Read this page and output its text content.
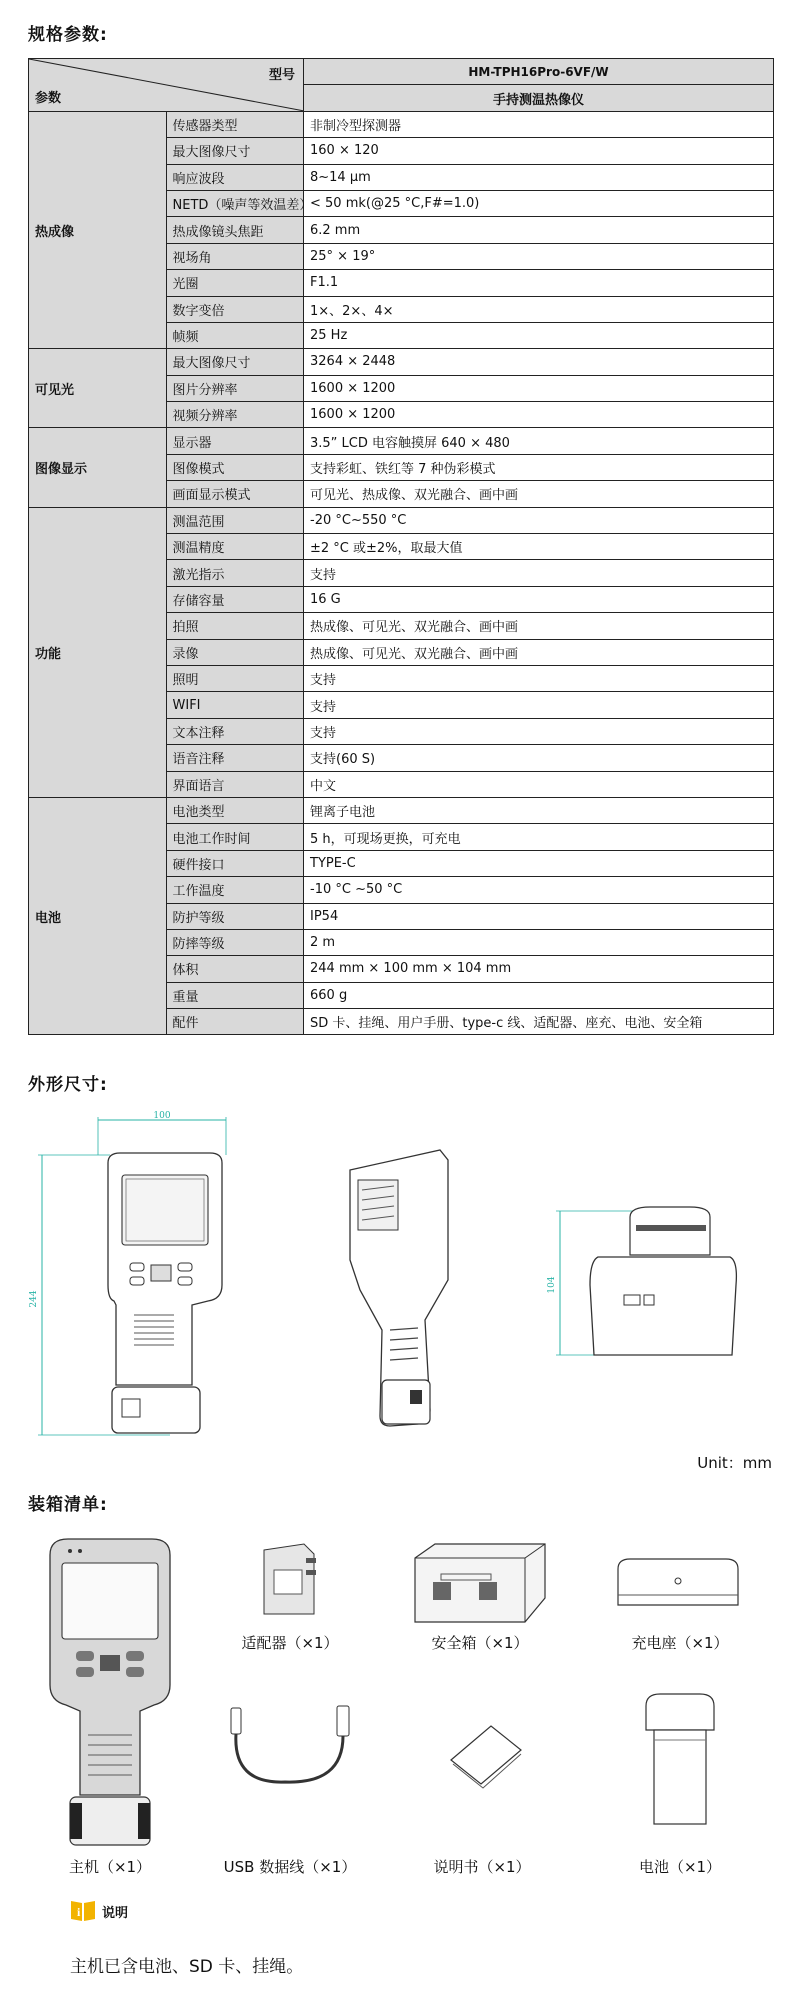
规格参数:
型号
参数		HM-TPH16Pro-6VF/W
		手持测温热像仪
热成像	传感器类型	非制冷型探测器
	最大图像尺寸	160 × 120
	响应波段	8~14 μm
	NETD（噪声等效温差）	< 50 mk(@25 °C,F#=1.0)
	热成像镜头焦距	6.2 mm
	视场角	25° × 19°
	光圈	F1.1
	数字变倍	1×、2×、4×
	帧频	25 Hz
可见光	最大图像尺寸	3264 × 2448
	图片分辨率	1600 × 1200
	视频分辨率	1600 × 1200
图像显示	显示器	3.5” LCD 电容触摸屏 640 × 480
	图像模式	支持彩虹、铁红等 7 种伪彩模式
	画面显示模式	可见光、热成像、双光融合、画中画
功能	测温范围	-20 °C~550 °C
	测温精度	±2 °C 或±2%，取最大值
	激光指示	支持
	存储容量	16 G
	拍照	热成像、可见光、双光融合、画中画
	录像	热成像、可见光、双光融合、画中画
	照明	支持
	WIFI	支持
	文本注释	支持
	语音注释	支持(60 S)
	界面语言	中文
电池	电池类型	锂离子电池
	电池工作时间	5 h，可现场更换，可充电
	硬件接口	TYPE-C
	工作温度	-10 °C ~50 °C
	防护等级	IP54
	防摔等级	2 m
	体积	244 mm × 100 mm × 104 mm
	重量	660 g
	配件	SD 卡、挂绳、用户手册、type-c 线、适配器、座充、电池、安全箱
外形尺寸:
100
244
104
Unit：mm
装箱清单:
适配器（×1）	安全箱（×1）	充电座（×1）
USB 数据线（×1）	说明书（×1）	电池（×1）
主机（×1）
i 说明
主机已含电池、SD 卡、挂绳。
